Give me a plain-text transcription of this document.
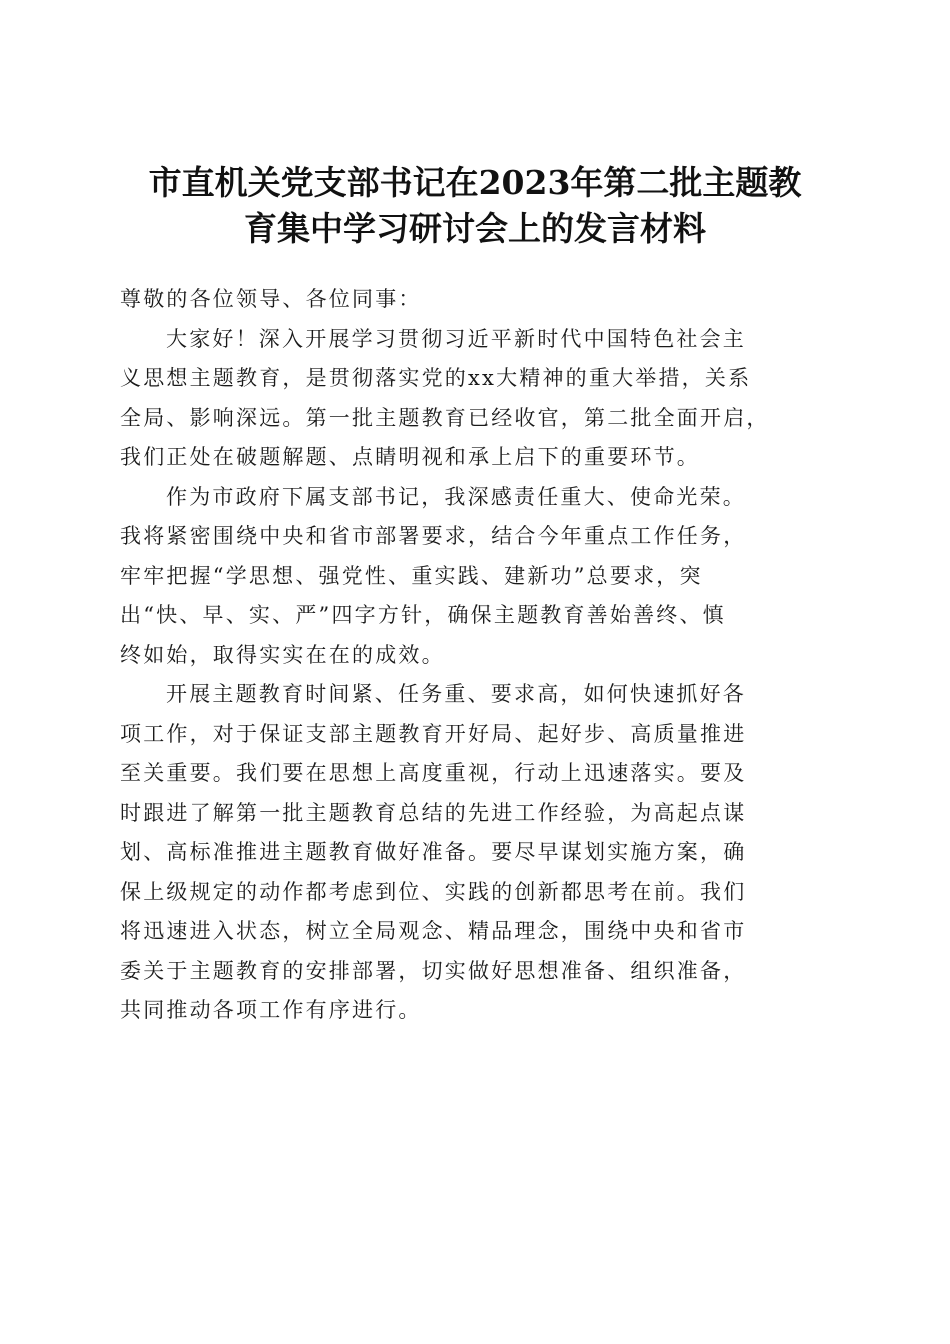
市直机关党支部书记在2023年第二批主题教
育集中学习研讨会上的发言材料

尊敬的各位领导、各位同事：

大家好！深入开展学习贯彻习近平新时代中国特色社会主
义思想主题教育，是贯彻落实党的xx大精神的重大举措，关系
全局、影响深远。第一批主题教育已经收官，第二批全面开启，
我们正处在破题解题、点睛明视和承上启下的重要环节。

作为市政府下属支部书记，我深感责任重大、使命光荣。
我将紧密围绕中央和省市部署要求，结合今年重点工作任务，
牢牢把握“学思想、强党性、重实践、建新功”总要求，突
出“快、早、实、严”四字方针，确保主题教育善始善终、慎
终如始，取得实实在在的成效。

开展主题教育时间紧、任务重、要求高，如何快速抓好各
项工作，对于保证支部主题教育开好局、起好步、高质量推进
至关重要。我们要在思想上高度重视，行动上迅速落实。要及
时跟进了解第一批主题教育总结的先进工作经验，为高起点谋
划、高标准推进主题教育做好准备。要尽早谋划实施方案，确
保上级规定的动作都考虑到位、实践的创新都思考在前。我们
将迅速进入状态，树立全局观念、精品理念，围绕中央和省市
委关于主题教育的安排部署，切实做好思想准备、组织准备，
共同推动各项工作有序进行。
